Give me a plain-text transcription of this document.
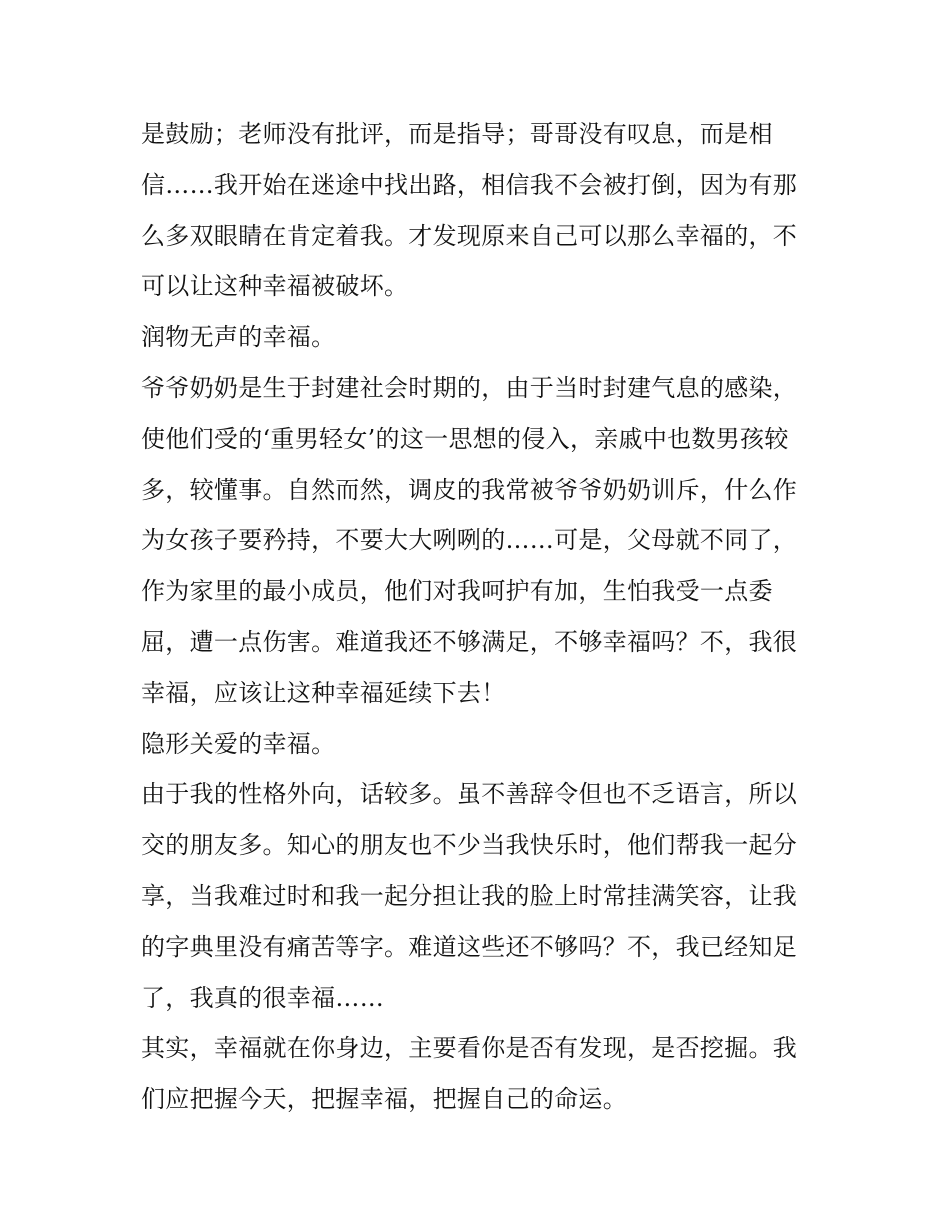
是鼓励；老师没有批评，而是指导；哥哥没有叹息，而是相
信……我开始在迷途中找出路，相信我不会被打倒，因为有那
么多双眼睛在肯定着我。才发现原来自己可以那么幸福的，不
可以让这种幸福被破坏。
润物无声的幸福。
爷爷奶奶是生于封建社会时期的，由于当时封建气息的感染，
使他们受的‘重男轻女’的这一思想的侵入，亲戚中也数男孩较
多，较懂事。自然而然，调皮的我常被爷爷奶奶训斥，什么作
为女孩子要矜持，不要大大咧咧的……可是，父母就不同了，
作为家里的最小成员，他们对我呵护有加，生怕我受一点委
屈，遭一点伤害。难道我还不够满足，不够幸福吗？不，我很
幸福，应该让这种幸福延续下去！
隐形关爱的幸福。
由于我的性格外向，话较多。虽不善辞令但也不乏语言，所以
交的朋友多。知心的朋友也不少当我快乐时，他们帮我一起分
享，当我难过时和我一起分担让我的脸上时常挂满笑容，让我
的字典里没有痛苦等字。难道这些还不够吗？不，我已经知足
了，我真的很幸福……
其实，幸福就在你身边，主要看你是否有发现，是否挖掘。我
们应把握今天，把握幸福，把握自己的命运。
